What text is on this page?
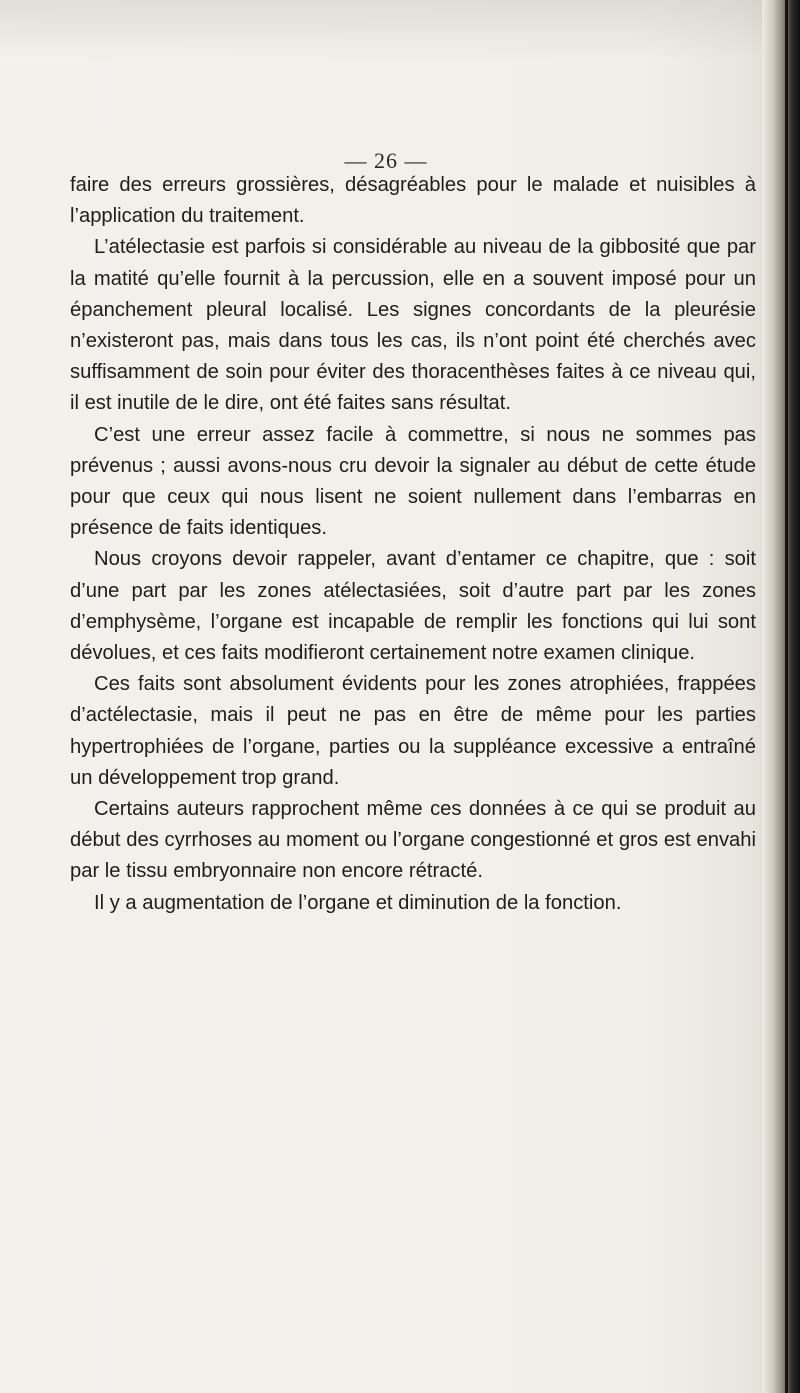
— 26 —

faire des erreurs grossières, désagréables pour le malade et nuisibles à l’application du traitement.

L’atélectasie est parfois si considérable au niveau de la gibbosité que par la matité qu’elle fournit à la percussion, elle en a souvent imposé pour un épanchement pleural localisé. Les signes concordants de la pleurésie n’existeront pas, mais dans tous les cas, ils n’ont point été cherchés avec suffisamment de soin pour éviter des thoracenthèses faites à ce niveau qui, il est inutile de le dire, ont été faites sans résultat.

C’est une erreur assez facile à commettre, si nous ne sommes pas prévenus ; aussi avons-nous cru devoir la signaler au début de cette étude pour que ceux qui nous lisent ne soient nullement dans l’embarras en présence de faits identiques.

Nous croyons devoir rappeler, avant d’entamer ce chapitre, que : soit d’une part par les zones atélectasiées, soit d’autre part par les zones d’emphysème, l’organe est incapable de remplir les fonctions qui lui sont dévolues, et ces faits modifieront certainement notre examen clinique.

Ces faits sont absolument évidents pour les zones atrophiées, frappées d’actélectasie, mais il peut ne pas en être de même pour les parties hypertrophiées de l’organe, parties ou la suppléance excessive a entraîné un développement trop grand.

Certains auteurs rapprochent même ces données à ce qui se produit au début des cyrrhoses au moment ou l’organe congestionné et gros est envahi par le tissu embryonnaire non encore rétracté.

Il y a augmentation de l’organe et diminution de la fonction.
